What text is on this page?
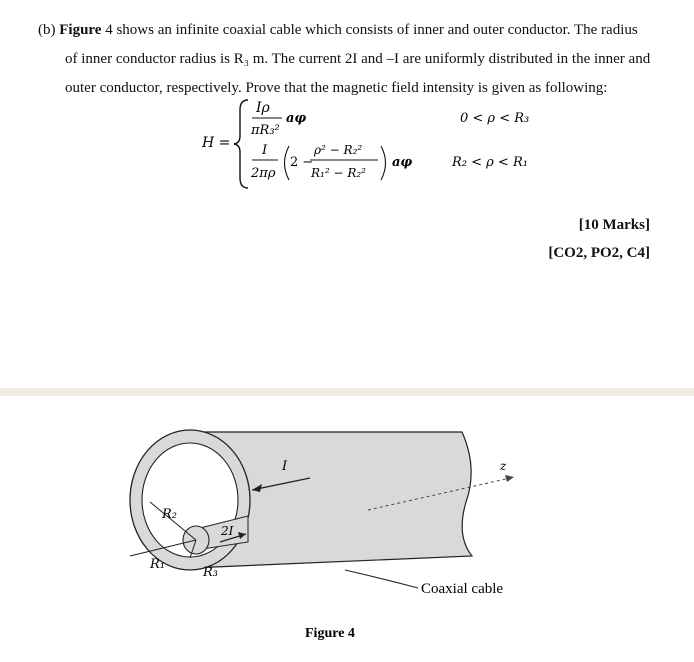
(b) Figure 4 shows an infinite coaxial cable which consists of inner and outer conductor. The radius
of inner conductor radius is R₃ m. The current 2I and –I are uniformly distributed in the inner and
outer conductor, respectively. Prove that the magnetic field intensity is given as following:
H =
Iρ
πR₃²
aφ	0 < ρ < R₃
I
2πρ
2 −
ρ² − R₂²
R₁² − R₂²
aφ	R₂ < ρ < R₁
[10 Marks]
[CO2, PO2, C4]
I
2I
z
R₂
R₁
R₃
Coaxial cable
Figure 4
